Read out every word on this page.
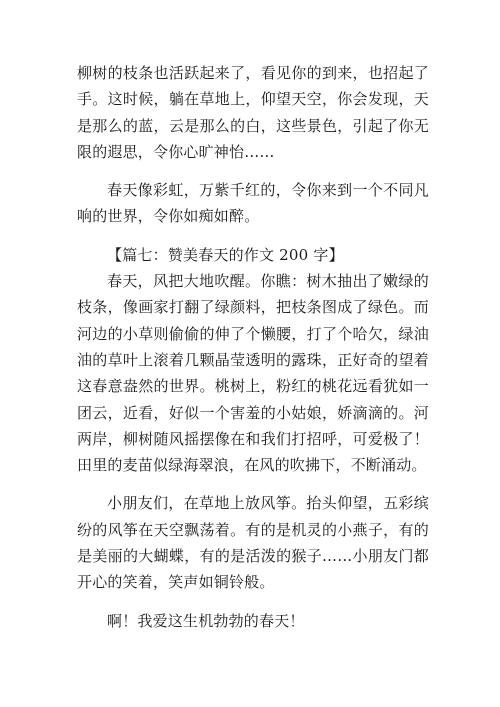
柳树的枝条也活跃起来了，看见你的到来，也招起了手。这时候，躺在草地上，仰望天空，你会发现，天是那么的蓝，云是那么的白，这些景色，引起了你无限的遐思，令你心旷神怡……

春天像彩虹，万紫千红的，令你来到一个不同凡响的世界，令你如痴如醉。

【篇七：赞美春天的作文 200 字】

春天，风把大地吹醒。你瞧：树木抽出了嫩绿的枝条，像画家打翻了绿颜料，把枝条图成了绿色。而河边的小草则偷偷的伸了个懒腰，打了个哈欠，绿油油的草叶上滚着几颗晶莹透明的露珠，正好奇的望着这春意盎然的世界。桃树上，粉红的桃花远看犹如一团云，近看，好似一个害羞的小姑娘，娇滴滴的。河两岸，柳树随风摇摆像在和我们打招呼，可爱极了！田里的麦苗似绿海翠浪，在风的吹拂下，不断涌动。

小朋友们，在草地上放风筝。抬头仰望，五彩缤纷的风筝在天空飘荡着。有的是机灵的小燕子，有的是美丽的大蝴蝶，有的是活泼的猴子……小朋友门都开心的笑着，笑声如铜铃般。

啊！我爱这生机勃勃的春天！
